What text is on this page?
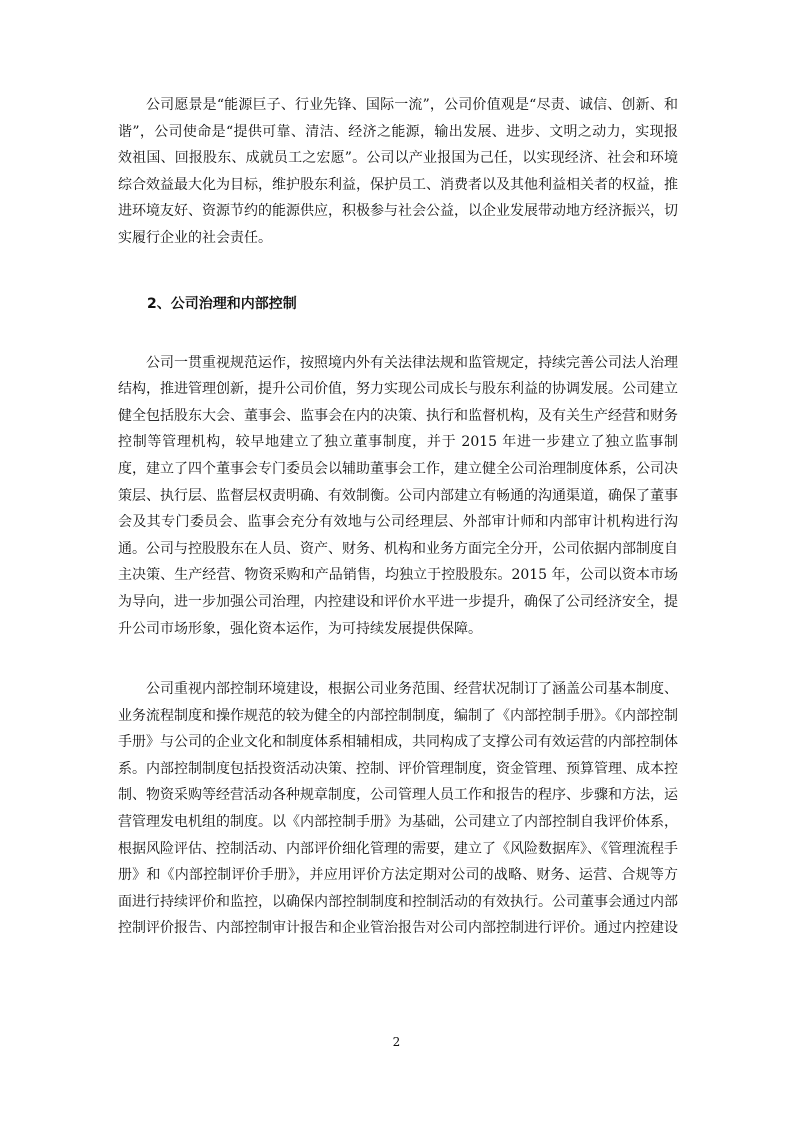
公司愿景是“能源巨子、行业先锋、国际一流”，公司价值观是“尽责、诚信、创新、和谐”，公司使命是“提供可靠、清洁、经济之能源，输出发展、进步、文明之动力，实现报效祖国、回报股东、成就员工之宏愿”。公司以产业报国为己任，以实现经济、社会和环境综合效益最大化为目标，维护股东利益，保护员工、消费者以及其他利益相关者的权益，推进环境友好、资源节约的能源供应，积极参与社会公益，以企业发展带动地方经济振兴，切实履行企业的社会责任。

2、公司治理和内部控制

公司一贯重视规范运作，按照境内外有关法律法规和监管规定，持续完善公司法人治理结构，推进管理创新，提升公司价值，努力实现公司成长与股东利益的协调发展。公司建立健全包括股东大会、董事会、监事会在内的决策、执行和监督机构，及有关生产经营和财务控制等管理机构，较早地建立了独立董事制度，并于 2015 年进一步建立了独立监事制度，建立了四个董事会专门委员会以辅助董事会工作，建立健全公司治理制度体系，公司决策层、执行层、监督层权责明确、有效制衡。公司内部建立有畅通的沟通渠道，确保了董事会及其专门委员会、监事会充分有效地与公司经理层、外部审计师和内部审计机构进行沟通。公司与控股股东在人员、资产、财务、机构和业务方面完全分开，公司依据内部制度自主决策、生产经营、物资采购和产品销售，均独立于控股股东。2015 年，公司以资本市场为导向，进一步加强公司治理，内控建设和评价水平进一步提升，确保了公司经济安全，提升公司市场形象，强化资本运作，为可持续发展提供保障。

公司重视内部控制环境建设，根据公司业务范围、经营状况制订了涵盖公司基本制度、业务流程制度和操作规范的较为健全的内部控制制度，编制了《内部控制手册》。《内部控制手册》与公司的企业文化和制度体系相辅相成，共同构成了支撑公司有效运营的内部控制体系。内部控制制度包括投资活动决策、控制、评价管理制度，资金管理、预算管理、成本控制、物资采购等经营活动各种规章制度，公司管理人员工作和报告的程序、步骤和方法，运营管理发电机组的制度。以《内部控制手册》为基础，公司建立了内部控制自我评价体系，根据风险评估、控制活动、内部评价细化管理的需要，建立了《风险数据库》、《管理流程手册》和《内部控制评价手册》，并应用评价方法定期对公司的战略、财务、运营、合规等方面进行持续评价和监控，以确保内部控制制度和控制活动的有效执行。公司董事会通过内部控制评价报告、内部控制审计报告和企业管治报告对公司内部控制进行评价。通过内控建设

2
